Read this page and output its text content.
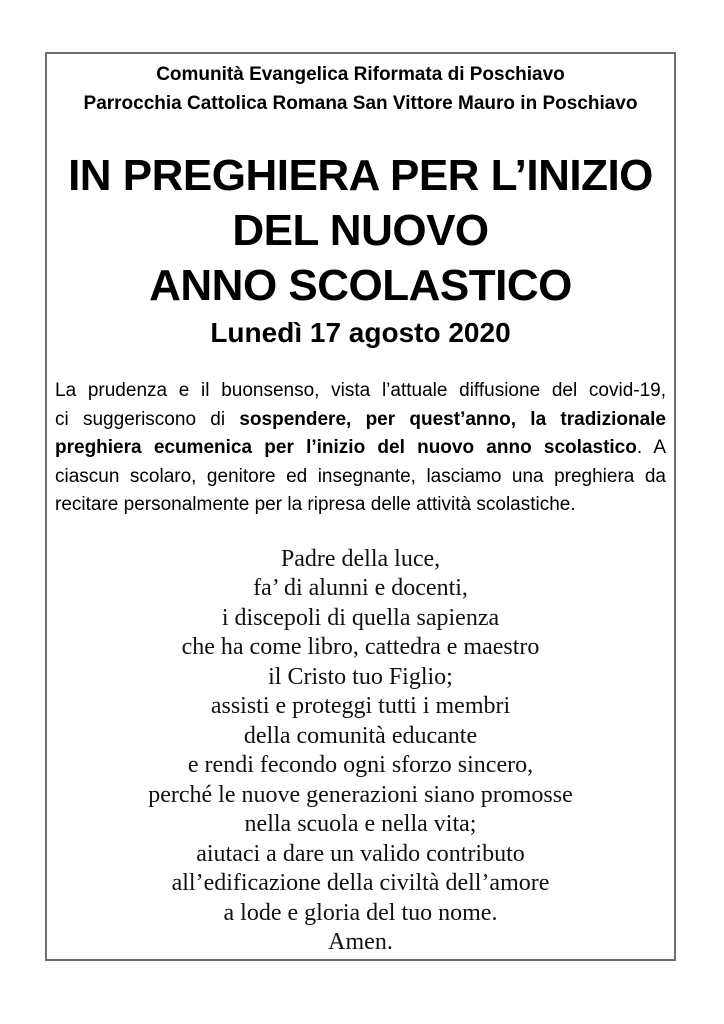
Comunità Evangelica Riformata di Poschiavo
Parrocchia Cattolica Romana San Vittore Mauro in Poschiavo
IN PREGHIERA PER L’INIZIO
DEL NUOVO
ANNO SCOLASTICO
Lunedì 17 agosto 2020
La prudenza e il buonsenso, vista l’attuale diffusione del covid-19,
ci suggeriscono di sospendere, per quest’anno, la tradizionale
preghiera ecumenica per l’inizio del nuovo anno scolastico. A
ciascun scolaro, genitore ed insegnante, lasciamo una preghiera da
recitare personalmente per la ripresa delle attività scolastiche.
Padre della luce,
fa’ di alunni e docenti,
i discepoli di quella sapienza
che ha come libro, cattedra e maestro
il Cristo tuo Figlio;
assisti e proteggi tutti i membri
della comunità educante
e rendi fecondo ogni sforzo sincero,
perché le nuove generazioni siano promosse
nella scuola e nella vita;
aiutaci a dare un valido contributo
all’edificazione della civiltà dell’amore
a lode e gloria del tuo nome.
Amen.
